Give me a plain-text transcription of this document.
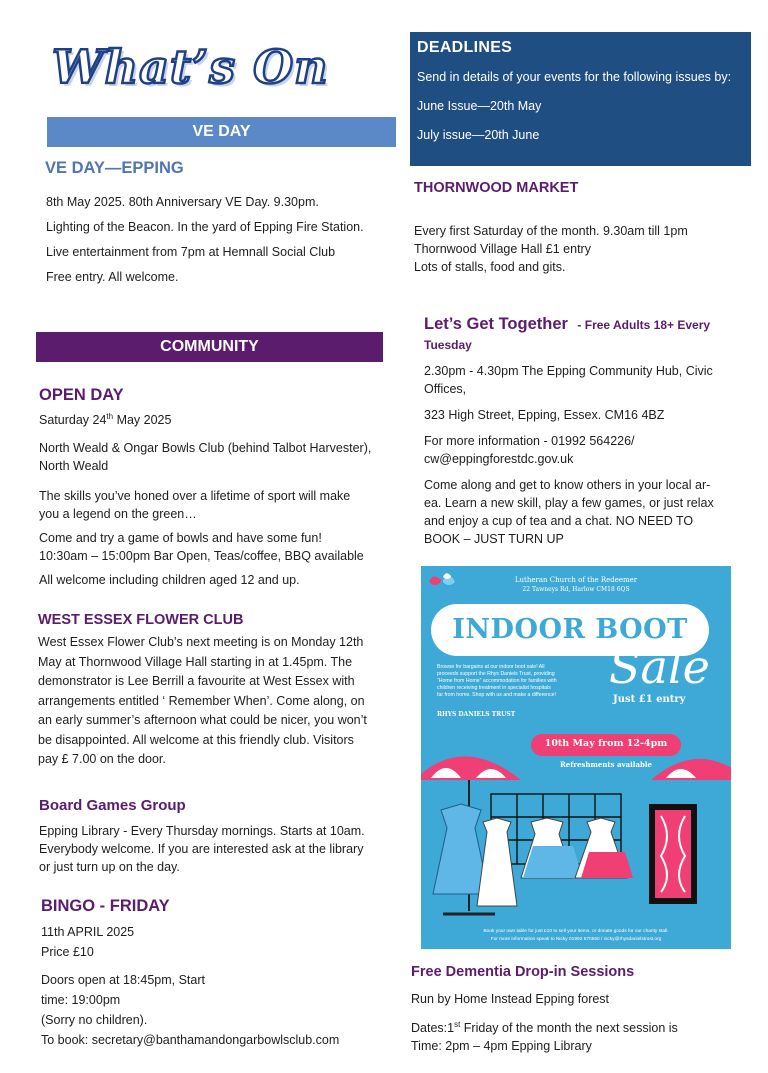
What’s On
VE DAY
VE DAY—EPPING

8th May 2025. 80th Anniversary VE Day. 9.30pm.

Lighting of the Beacon. In the yard of Epping Fire Station.

Live entertainment from 7pm at Hemnall Social Club

Free entry. All welcome.

DEADLINES

Send in details of your events for the following issues by:

June Issue—20th May

July issue—20th June

THORNWOOD MARKET

Every first Saturday of the month. 9.30am till 1pm

Thornwood Village Hall £1 entry

Lots of stalls, food and gits.

COMMUNITY
OPEN DAY

Saturday 24th May 2025

North Weald & Ongar Bowls Club (behind Talbot Harvester),

North Weald

The skills you’ve honed over a lifetime of sport will make

you a legend on the green…

Come and try a game of bowls and have some fun!

10:30am – 15:00pm Bar Open, Teas/coffee, BBQ available

All welcome including children aged 12 and up.

WEST ESSEX FLOWER CLUB

West Essex Flower Club’s next meeting is on Monday 12th

May at Thornwood Village Hall starting in at 1.45pm. The

demonstrator is Lee Berrill a favourite at West Essex with

arrangements entitled ‘ Remember When’. Come along, on

an early summer’s afternoon what could be nicer, you won’t

be disappointed. All welcome at this friendly club. Visitors

pay £ 7.00 on the door.

Board Games Group

Epping Library - Every Thursday mornings. Starts at 10am.

Everybody welcome. If you are interested ask at the library

or just turn up on the day.

BINGO - FRIDAY

11th APRIL 2025

Price £10

Doors open at 18:45pm, Start

time: 19:00pm

(Sorry no children).

To book: secretary@banthamandongarbowlsclub.com

Let’s Get Together - Free Adults 18+ Every
Tuesday

2.30pm - 4.30pm The Epping Community Hub, Civic

Offices,

323 High Street, Epping, Essex. CM16 4BZ

For more information - 01992 564226/

cw@eppingforestdc.gov.uk

Come along and get to know others in your local ar-

ea. Learn a new skill, play a few games, or just relax

and enjoy a cup of tea and a chat. NO NEED TO

BOOK – JUST TURN UP

Lutheran Church of the Redeemer
22 Tawneys Rd, Harlow CM18 6QS
INDOOR BOOT
Sale
Just £1 entry
Browse for bargains at our indoor boot sale! All
proceeds support the Rhys Daniels Trust, providing
“Home from Home” accommodation for families with
children receiving treatment in specialist hospitals
far from home. Shop with us and make a difference!
RHYS DANIELS TRUST
10th May from 12-4pm
Refreshments available
Book your own table for just £10 to sell your items, or donate goods for our charity stall.
For more information speak to Nicky 01992 570550 / nicky@rhysdanielstrust.org
Free Dementia Drop-in Sessions

Run by Home Instead Epping forest

Dates:1st Friday of the month the next session is

Time: 2pm – 4pm Epping Library
